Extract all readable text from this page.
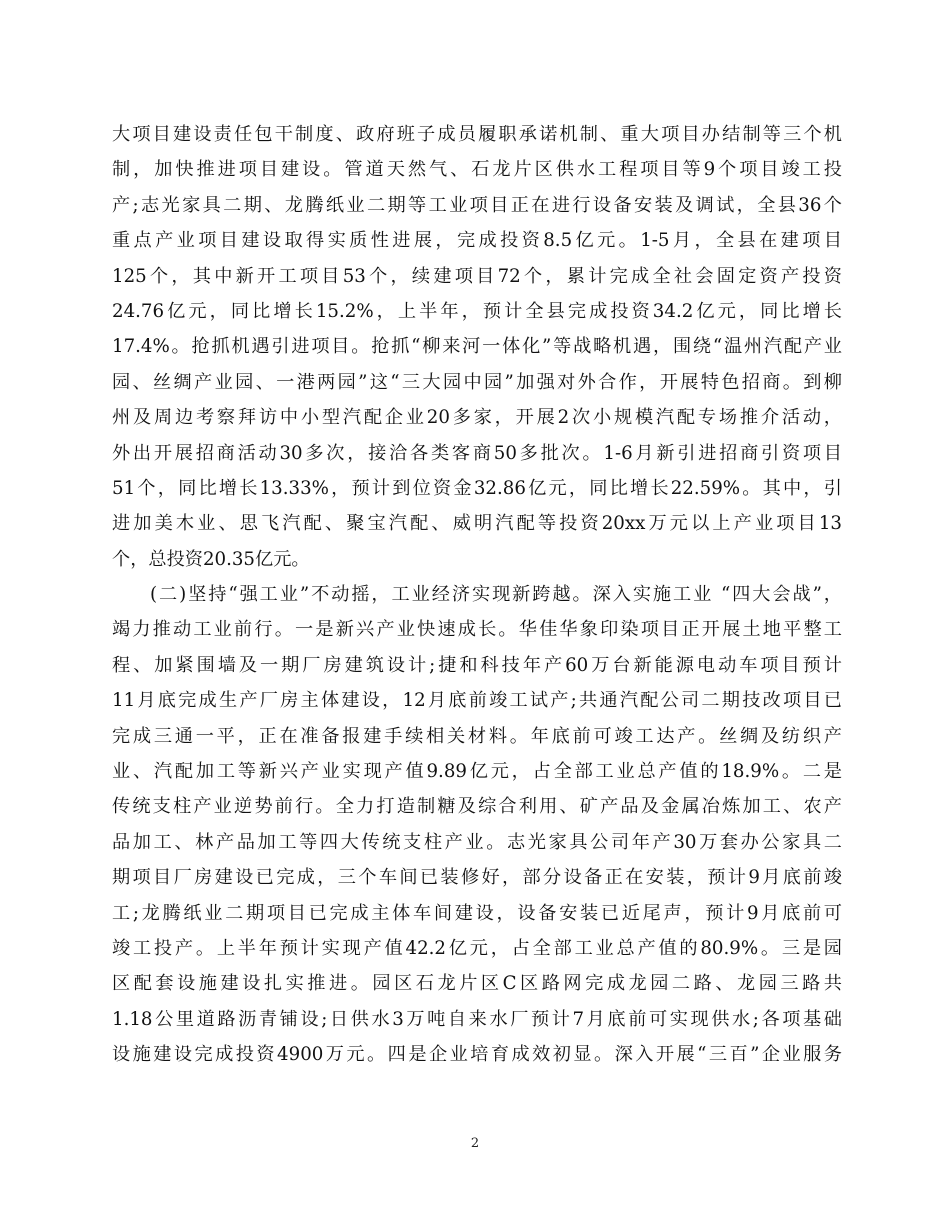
大项目建设责任包干制度、政府班子成员履职承诺机制、重大项目办结制等三个机
制，加快推进项目建设。管道天然气、石龙片区供水工程项目等9个项目竣工投
产;志光家具二期、龙腾纸业二期等工业项目正在进行设备安装及调试，全县36个
重点产业项目建设取得实质性进展，完成投资8.5亿元。1-5月，全县在建项目
125个，其中新开工项目53个，续建项目72个，累计完成全社会固定资产投资
24.76亿元，同比增长15.2%，上半年，预计全县完成投资34.2亿元，同比增长
17.4%。抢抓机遇引进项目。抢抓“柳来河一体化”等战略机遇，围绕“温州汽配产业
园、丝绸产业园、一港两园”这“三大园中园”加强对外合作，开展特色招商。到柳
州及周边考察拜访中小型汽配企业20多家，开展2次小规模汽配专场推介活动，
外出开展招商活动30多次，接洽各类客商50多批次。1-6月新引进招商引资项目
51个，同比增长13.33%，预计到位资金32.86亿元，同比增长22.59%。其中，引
进加美木业、思飞汽配、聚宝汽配、威明汽配等投资20xx万元以上产业项目13
个，总投资20.35亿元。
(二)坚持“强工业”不动摇，工业经济实现新跨越。深入实施工业 “四大会战”，
竭力推动工业前行。一是新兴产业快速成长。华佳华象印染项目正开展土地平整工
程、加紧围墙及一期厂房建筑设计;捷和科技年产60万台新能源电动车项目预计
11月底完成生产厂房主体建设，12月底前竣工试产;共通汽配公司二期技改项目已
完成三通一平，正在准备报建手续相关材料。年底前可竣工达产。丝绸及纺织产
业、汽配加工等新兴产业实现产值9.89亿元，占全部工业总产值的18.9%。二是
传统支柱产业逆势前行。全力打造制糖及综合利用、矿产品及金属冶炼加工、农产
品加工、林产品加工等四大传统支柱产业。志光家具公司年产30万套办公家具二
期项目厂房建设已完成，三个车间已装修好，部分设备正在安装，预计9月底前竣
工;龙腾纸业二期项目已完成主体车间建设，设备安装已近尾声，预计9月底前可
竣工投产。上半年预计实现产值42.2亿元，占全部工业总产值的80.9%。三是园
区配套设施建设扎实推进。园区石龙片区C区路网完成龙园二路、龙园三路共
1.18公里道路沥青铺设;日供水3万吨自来水厂预计7月底前可实现供水;各项基础
设施建设完成投资4900万元。四是企业培育成效初显。深入开展“三百”企业服务
2
